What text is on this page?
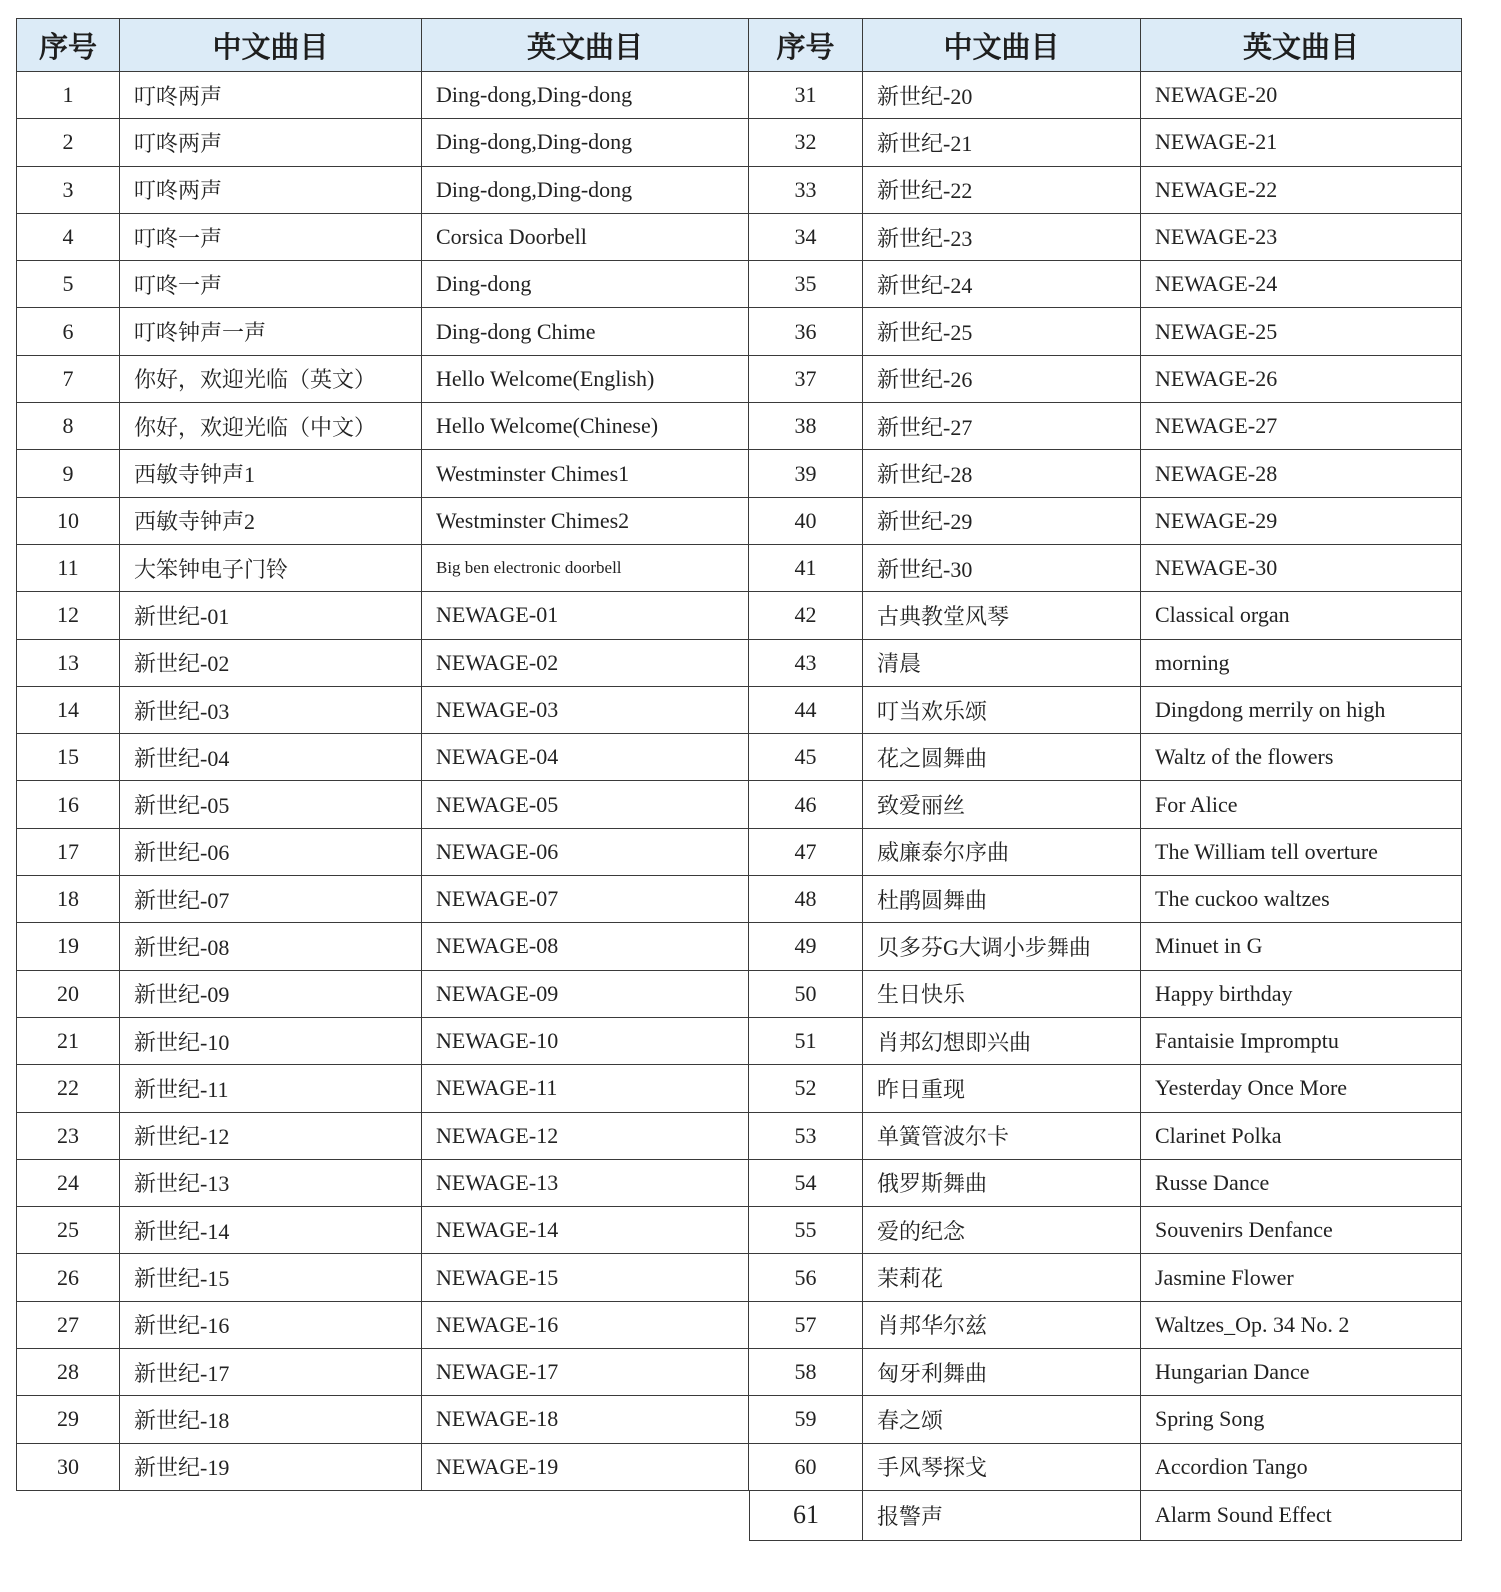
序号	中文曲目	英文曲目	序号	中文曲目	英文曲目
1	叮咚两声	Ding-dong,Ding-dong	31	新世纪-20	NEWAGE-20
2	叮咚两声	Ding-dong,Ding-dong	32	新世纪-21	NEWAGE-21
3	叮咚两声	Ding-dong,Ding-dong	33	新世纪-22	NEWAGE-22
4	叮咚一声	Corsica Doorbell	34	新世纪-23	NEWAGE-23
5	叮咚一声	Ding-dong	35	新世纪-24	NEWAGE-24
6	叮咚钟声一声	Ding-dong Chime	36	新世纪-25	NEWAGE-25
7	你好，欢迎光临（英文）	Hello Welcome(English)	37	新世纪-26	NEWAGE-26
8	你好，欢迎光临（中文）	Hello Welcome(Chinese)	38	新世纪-27	NEWAGE-27
9	西敏寺钟声1	Westminster Chimes1	39	新世纪-28	NEWAGE-28
10	西敏寺钟声2	Westminster Chimes2	40	新世纪-29	NEWAGE-29
11	大笨钟电子门铃	Big ben electronic doorbell	41	新世纪-30	NEWAGE-30
12	新世纪-01	NEWAGE-01	42	古典教堂风琴	Classical organ
13	新世纪-02	NEWAGE-02	43	清晨	morning
14	新世纪-03	NEWAGE-03	44	叮当欢乐颂	Dingdong merrily on high
15	新世纪-04	NEWAGE-04	45	花之圆舞曲	Waltz of the flowers
16	新世纪-05	NEWAGE-05	46	致爱丽丝	For Alice
17	新世纪-06	NEWAGE-06	47	威廉泰尔序曲	The William tell overture
18	新世纪-07	NEWAGE-07	48	杜鹃圆舞曲	The cuckoo waltzes
19	新世纪-08	NEWAGE-08	49	贝多芬G大调小步舞曲	Minuet in G
20	新世纪-09	NEWAGE-09	50	生日快乐	Happy birthday
21	新世纪-10	NEWAGE-10	51	肖邦幻想即兴曲	Fantaisie Impromptu
22	新世纪-11	NEWAGE-11	52	昨日重现	Yesterday Once More
23	新世纪-12	NEWAGE-12	53	单簧管波尔卡	Clarinet Polka
24	新世纪-13	NEWAGE-13	54	俄罗斯舞曲	Russe Dance
25	新世纪-14	NEWAGE-14	55	爱的纪念	Souvenirs Denfance
26	新世纪-15	NEWAGE-15	56	茉莉花	Jasmine Flower
27	新世纪-16	NEWAGE-16	57	肖邦华尔兹	Waltzes_Op. 34 No. 2
28	新世纪-17	NEWAGE-17	58	匈牙利舞曲	Hungarian Dance
29	新世纪-18	NEWAGE-18	59	春之颂	Spring Song
30	新世纪-19	NEWAGE-19	60	手风琴探戈	Accordion Tango
61	报警声	Alarm Sound Effect
